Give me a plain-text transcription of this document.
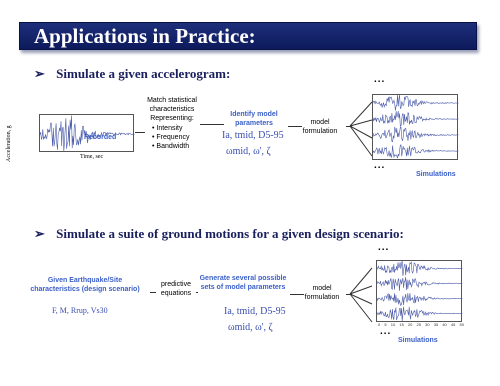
Applications in Practice:
➢ Simulate a given accelerogram:
Acceleration, g	Recorded
Time, sec
Match statistical characteristics Representing:
• Intensity
• Frequency
• Bandwidth
Identify model parameters
Ia, tmid, D5-95
ωmid, ω', ζ
model formulation
...
...
Simulations
➢ Simulate a suite of ground motions for a given design scenario:
Given Earthquake/Site characteristics (design scenario)
F, M, Rrup, Vs30
predictive equations
Generate several possible sets of model parameters
Ia, tmid, D5-95
ωmid, ω', ζ
model formulation
...
0 5 10 15 20 25 30 35 40 45 50
...
Simulations
